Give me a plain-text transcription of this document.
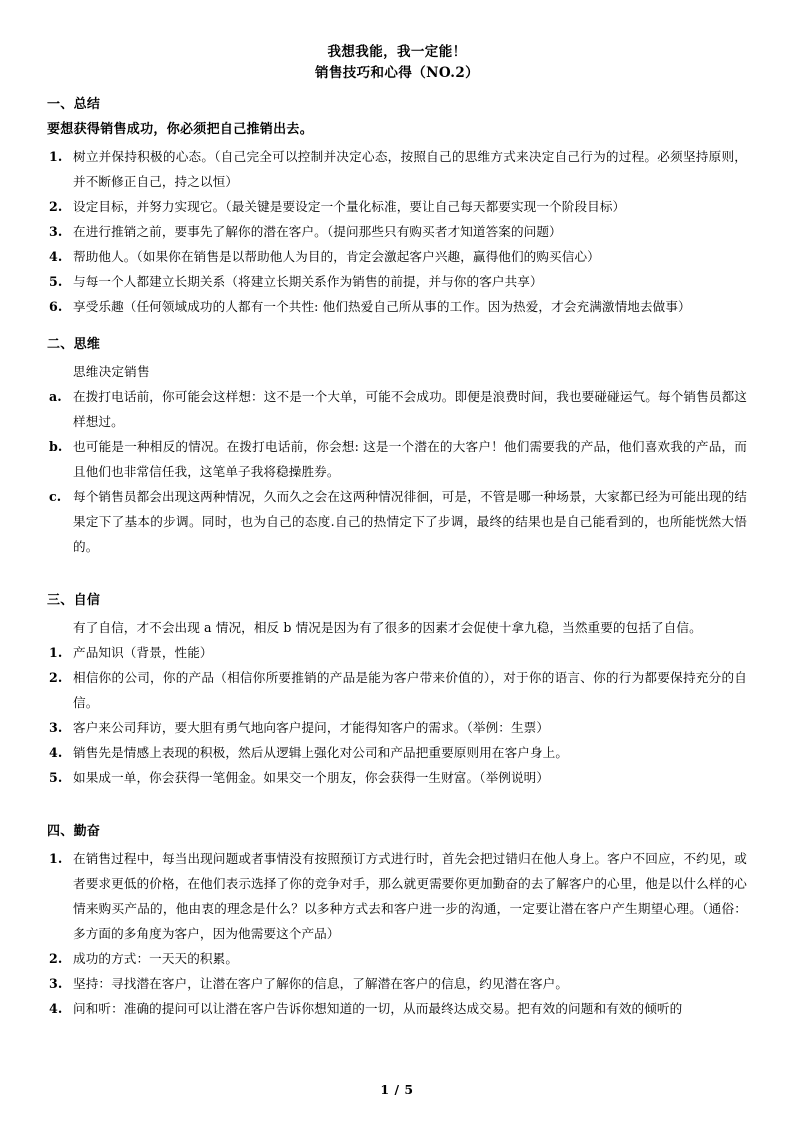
我想我能，我一定能！
销售技巧和心得（NO.2）
一、总结
要想获得销售成功，你必须把自己推销出去。
1. 树立并保持积极的心态。（自己完全可以控制并决定心态，按照自己的思维方式来决定自己行为的过程。必须坚持原则，并不断修正自己，持之以恒）
2. 设定目标，并努力实现它。（最关键是要设定一个量化标准，要让自己每天都要实现一个阶段目标）
3. 在进行推销之前，要事先了解你的潜在客户。（提问那些只有购买者才知道答案的问题）
4. 帮助他人。（如果你在销售是以帮助他人为目的，肯定会激起客户兴趣，赢得他们的购买信心）
5. 与每一个人都建立长期关系（将建立长期关系作为销售的前提，并与你的客户共享）
6. 享受乐趣（任何领域成功的人都有一个共性: 他们热爱自己所从事的工作。因为热爱，才会充满激情地去做事）
二、思维
思维决定销售
a. 在拨打电话前，你可能会这样想：这不是一个大单，可能不会成功。即便是浪费时间，我也要碰碰运气。每个销售员都这样想过。
b. 也可能是一种相反的情况。在拨打电话前，你会想: 这是一个潜在的大客户！他们需要我的产品，他们喜欢我的产品，而且他们也非常信任我，这笔单子我将稳操胜券。
c. 每个销售员都会出现这两种情况，久而久之会在这两种情况徘徊，可是，不管是哪一种场景，大家都已经为可能出现的结果定下了基本的步调。同时，也为自己的态度.自己的热情定下了步调，最终的结果也是自己能看到的，也所能恍然大悟的。
三、自信
有了自信，才不会出现 a 情况，相反 b 情况是因为有了很多的因素才会促使十拿九稳，当然重要的包括了自信。
1. 产品知识（背景，性能）
2. 相信你的公司，你的产品（相信你所要推销的产品是能为客户带来价值的），对于你的语言、你的行为都要保持充分的自信。
3. 客户来公司拜访，要大胆有勇气地向客户提问，才能得知客户的需求。（举例：生票）
4. 销售先是情感上表现的积极，然后从逻辑上强化对公司和产品把重要原则用在客户身上。
5. 如果成一单，你会获得一笔佣金。如果交一个朋友，你会获得一生财富。（举例说明）
四、勤奋
1. 在销售过程中，每当出现问题或者事情没有按照预订方式进行时，首先会把过错归在他人身上。客户不回应，不约见，或者要求更低的价格，在他们表示选择了你的竞争对手，那么就更需要你更加勤奋的去了解客户的心里，他是以什么样的心情来购买产品的，他由衷的理念是什么？以多种方式去和客户进一步的沟通，一定要让潜在客户产生期望心理。（通俗：多方面的多角度为客户，因为他需要这个产品）
2. 成功的方式：一天天的积累。
3. 坚持：寻找潜在客户，让潜在客户了解你的信息，了解潜在客户的信息，约见潜在客户。
4. 问和听：准确的提问可以让潜在客户告诉你想知道的一切，从而最终达成交易。把有效的问题和有效的倾听的
1 / 5
